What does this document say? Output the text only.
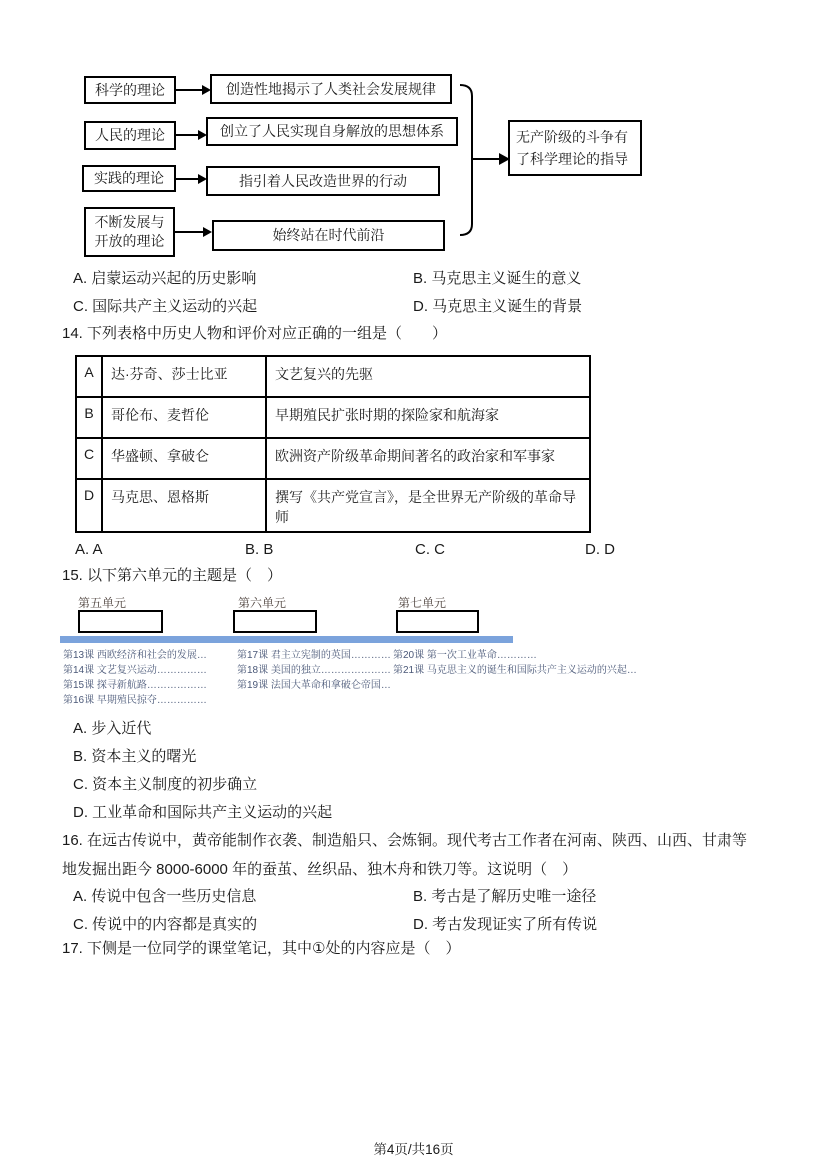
科学的理论
人民的理论
实践的理论
不断发展与开放的理论
创造性地揭示了人类社会发展规律
创立了人民实现自身解放的思想体系
指引着人民改造世界的行动
始终站在时代前沿
无产阶级的斗争有了科学理论的指导
A. 启蒙运动兴起的历史影响	B. 马克思主义诞生的意义
C. 国际共产主义运动的兴起	D. 马克思主义诞生的背景
14. 下列表格中历史人物和评价对应正确的一组是（　　）
A	达·芬奇、莎士比亚	文艺复兴的先驱
B	哥伦布、麦哲伦	早期殖民扩张时期的探险家和航海家
C	华盛顿、拿破仑	欧洲资产阶级革命期间著名的政治家和军事家
D	马克思、恩格斯	撰写《共产党宣言》，是全世界无产阶级的革命导师
A. A	B. B	C. C	D. D
15. 以下第六单元的主题是（　）
第五单元	第六单元	第七单元
第13课 西欧经济和社会的发展…	第17课 君主立宪制的英国………… 第20课 第一次工业革命…………
第14课 文艺复兴运动……………	第18课 美国的独立………………… 第21课 马克思主义的诞生和国际共产主义运动的兴起…
第15课 探寻新航路………………	第19课 法国大革命和拿破仑帝国…
第16课 早期殖民掠夺……………
A. 步入近代
B. 资本主义的曙光
C. 资本主义制度的初步确立
D. 工业革命和国际共产主义运动的兴起
16. 在远古传说中，黄帝能制作衣袭、制造船只、会炼铜。现代考古工作者在河南、陕西、山西、甘肃等
地发掘出距今 8000-6000 年的蚕茧、丝织品、独木舟和铁刀等。这说明（　）
A. 传说中包含一些历史信息	B. 考古是了解历史唯一途径
C. 传说中的内容都是真实的	D. 考古发现证实了所有传说
17. 下侧是一位同学的课堂笔记，其中①处的内容应是（　）
第4页/共16页
